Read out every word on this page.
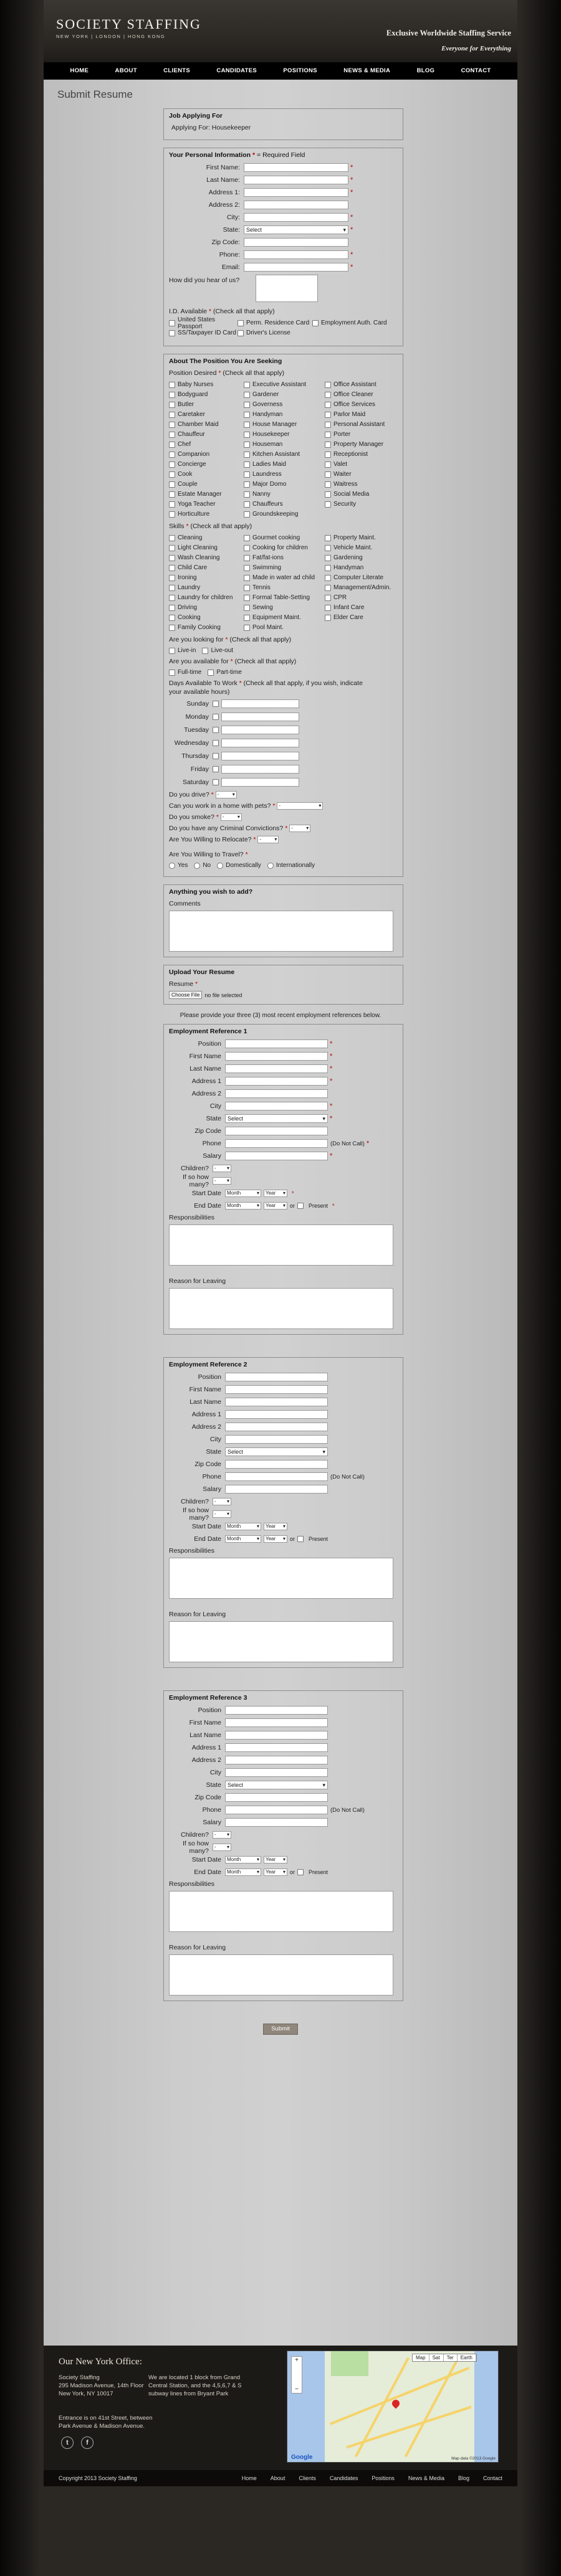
SOCIETY STAFFING
NEW YORK | LONDON | HONG KONG	Exclusive Worldwide Staffing Service
Everyone for Everything
HOME	ABOUT	CLIENTS	CANDIDATES	POSITIONS	NEWS & MEDIA	BLOG	CONTACT
Submit Resume
Job Applying For
Applying For: Housekeeper
Your Personal Information * = Required Field
First Name:	*
Last Name:	*
Address 1:	*
Address 2:
City:	*
State:	Select ▾	*
Zip Code:
Phone:	*
Email:	*
How did you hear of us?
I.D. Available * (Check all that apply)
United States Passport	Perm. Residence Card Employment Auth. Card
SS/Taxpayer ID Card Driver's License
About The Position You Are Seeking
Position Desired * (Check all that apply)
Baby Nurses	Executive Assistant	Office Assistant
Bodyguard	Gardener	Office Cleaner
Butler	Governess	Office Services
Caretaker	Handyman	Parlor Maid
Chamber Maid	House Manager	Personal Assistant
Chauffeur	Housekeeper	Porter
Chef	Houseman	Property Manager
Companion	Kitchen Assistant	Receptionist
Concierge	Ladies Maid	Valet
Cook	Laundress	Waiter
Couple	Major Domo	Waitress
Estate Manager	Nanny	Social Media
Yoga Teacher	Chauffeurs	Security
Horticulture	Groundskeeping
Skills * (Check all that apply)
Cleaning	Gourmet cooking	Property Maint.
Light Cleaning	Cooking for children	Vehicle Maint.
Wash Cleaning	Fat/fat-ions	Gardening
Child Care	Swimming	Handyman
Ironing	Made in water ad child	Computer Literate
Laundry	Tennis	Management/Admin.
Laundry for children	Formal Table-Setting	CPR
Driving	Sewing	Infant Care
Cooking	Equipment Maint.	Elder Care
Family Cooking	Pool Maint.
Are you looking for * (Check all that apply)
Live-in Live-out
Are you available for * (Check all that apply)
Full-time Part-time
Days Available To Work * (Check all that apply, if you wish, indicate your available hours)
Sunday
Monday
Tuesday
Wednesday
Thursday
Friday
Saturday
Do you drive? * - ▾
Can you work in a home with pets? * - ▾
Do you smoke? * - ▾
Do you have any Criminal Convictions? * - ▾
Are You Willing to Relocate? * - ▾
Are You Willing to Travel? *
Yes No Domestically Internationally
Anything you wish to add?
Comments
Upload Your Resume
Resume *
Choose File no file selected
Please provide your three (3) most recent employment references below.
Employment Reference 1
Position	*
First Name	*
Last Name	*
Address 1	*
Address 2
City	*
State	Select ▾	*
Zip Code
Phone	(Do Not Call) *
Salary	*
Children?	- ▾
If so how many?
- ▾
Start Date	Month ▾	Year ▾	*
End Date	Month ▾	Year ▾	or Present *
Responsibilities
Reason for Leaving
Employment Reference 2
Position
First Name
Last Name
Address 1
Address 2
City
State	Select ▾
Zip Code
Phone	(Do Not Call)
Salary
Children?	- ▾
If so how many?
- ▾
Start Date	Month ▾	Year ▾
End Date	Month ▾	Year ▾	or Present
Responsibilities
Reason for Leaving
Employment Reference 3
Position
First Name
Last Name
Address 1
Address 2
City
State	Select ▾
Zip Code
Phone	(Do Not Call)
Salary
Children?	- ▾
If so how many?
- ▾
Start Date	Month ▾	Year ▾
End Date	Month ▾	Year ▾	or Present
Responsibilities
Reason for Leaving
Submit
Our New York Office:
Society Staffing
295 Madison Avenue, 14th Floor
New York, NY 10017
Entrance is on 41st Street, between
Park Avenue & Madison Avenue.
We are located 1 block from Grand Central Station, and the 4,5,6,7 & S subway lines from Bryant Park
t	f
+
−
Map	Sat	Ter	Earth
Google	Map data ©2013 Google
Copyright 2013 Society Staffing	Home About Clients Candidates Positions News & Media Blog Contact
